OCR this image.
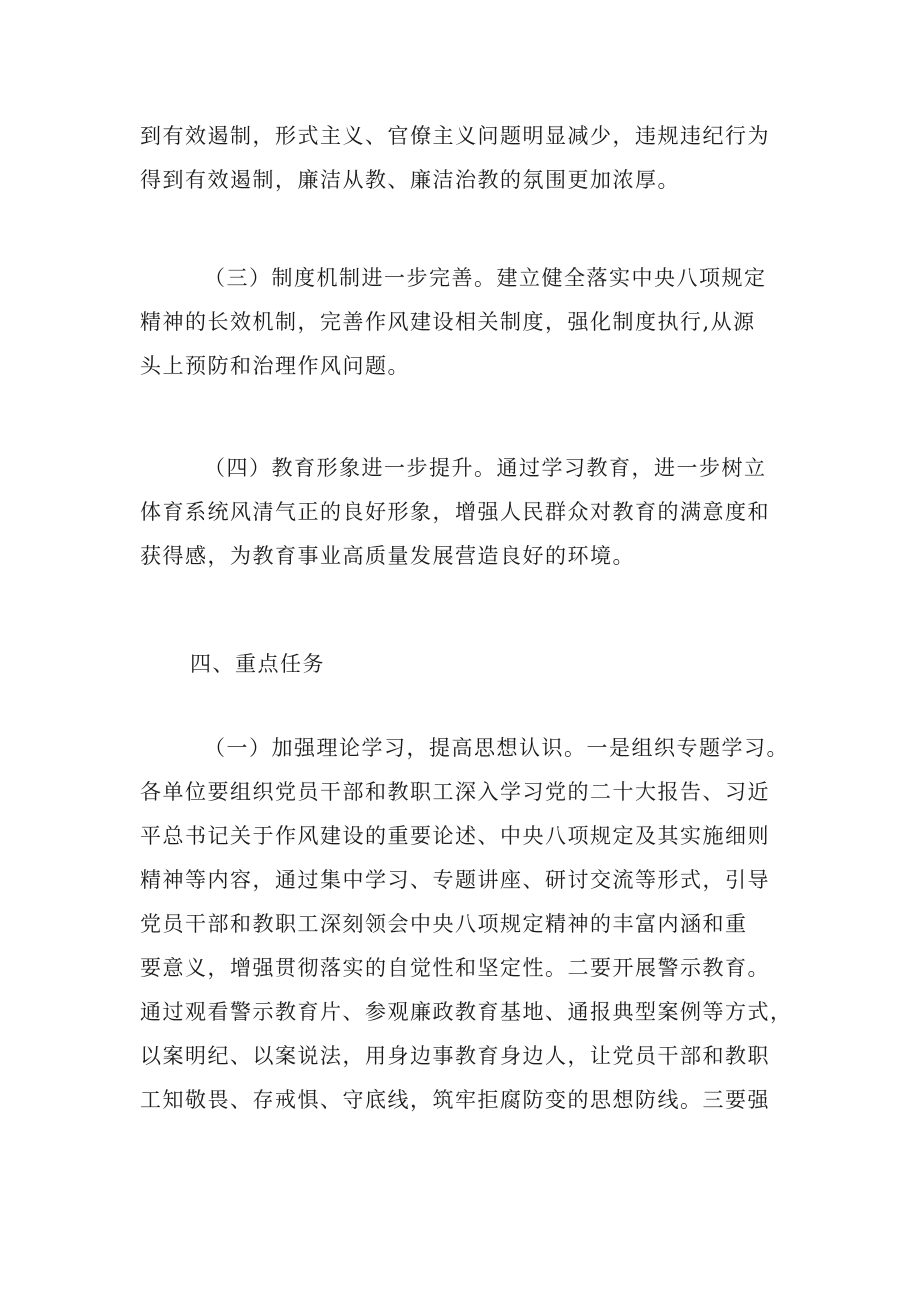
到有效遏制，形式主义、官僚主义问题明显减少，违规违纪行为
得到有效遏制，廉洁从教、廉洁治教的氛围更加浓厚。
（三）制度机制进一步完善。建立健全落实中央八项规定
精神的长效机制，完善作风建设相关制度，强化制度执行,从源
头上预防和治理作风问题。
（四）教育形象进一步提升。通过学习教育，进一步树立
体育系统风清气正的良好形象，增强人民群众对教育的满意度和
获得感，为教育事业高质量发展营造良好的环境。
四、重点任务
（一）加强理论学习，提高思想认识。一是组织专题学习。
各单位要组织党员干部和教职工深入学习党的二十大报告、习近
平总书记关于作风建设的重要论述、中央八项规定及其实施细则
精神等内容，通过集中学习、专题讲座、研讨交流等形式，引导
党员干部和教职工深刻领会中央八项规定精神的丰富内涵和重
要意义，增强贯彻落实的自觉性和坚定性。二要开展警示教育。
通过观看警示教育片、参观廉政教育基地、通报典型案例等方式，
以案明纪、以案说法，用身边事教育身边人，让党员干部和教职
工知敬畏、存戒惧、守底线，筑牢拒腐防变的思想防线。三要强
